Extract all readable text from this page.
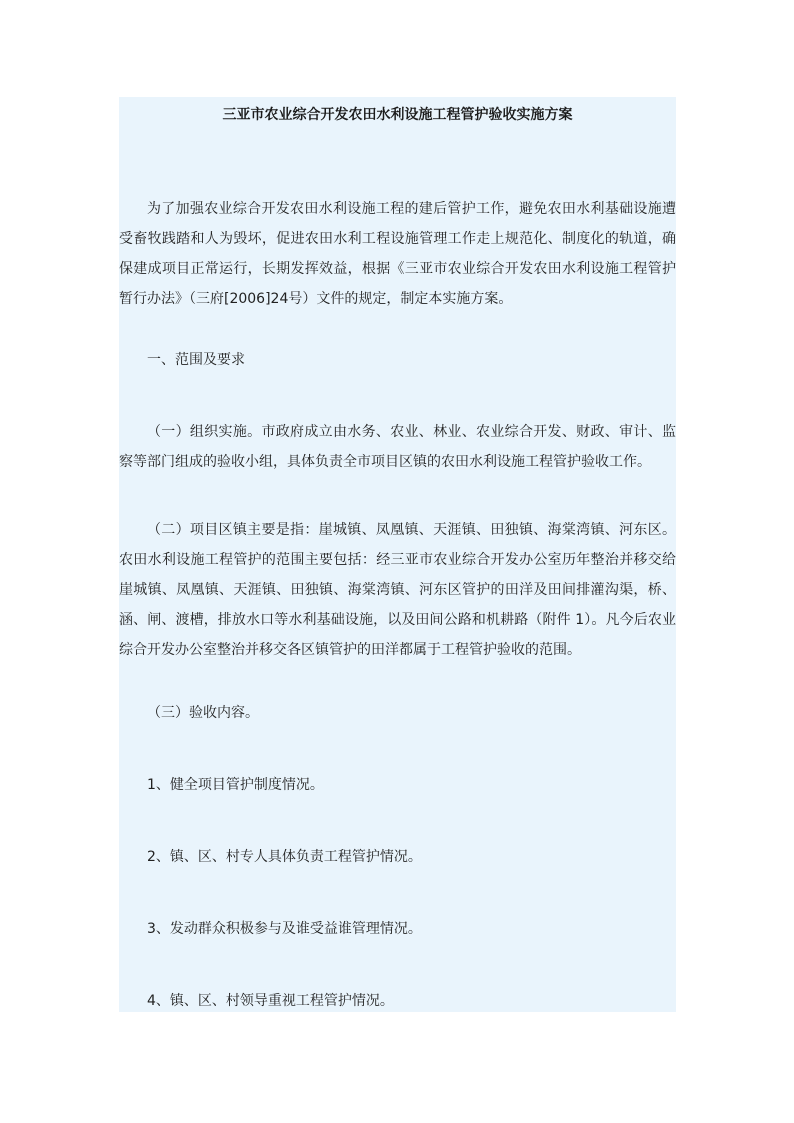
三亚市农业综合开发农田水利设施工程管护验收实施方案

为了加强农业综合开发农田水利设施工程的建后管护工作，避免农田水利基础设施遭受畜牧践踏和人为毁坏，促进农田水利工程设施管理工作走上规范化、制度化的轨道，确保建成项目正常运行，长期发挥效益，根据《三亚市农业综合开发农田水利设施工程管护暂行办法》（三府[2006]24号）文件的规定，制定本实施方案。

一、范围及要求

（一）组织实施。市政府成立由水务、农业、林业、农业综合开发、财政、审计、监察等部门组成的验收小组，具体负责全市项目区镇的农田水利设施工程管护验收工作。

（二）项目区镇主要是指：崖城镇、凤凰镇、天涯镇、田独镇、海棠湾镇、河东区。农田水利设施工程管护的范围主要包括：经三亚市农业综合开发办公室历年整治并移交给崖城镇、凤凰镇、天涯镇、田独镇、海棠湾镇、河东区管护的田洋及田间排灌沟渠，桥、涵、闸、渡槽，排放水口等水利基础设施，以及田间公路和机耕路（附件 1）。凡今后农业综合开发办公室整治并移交各区镇管护的田洋都属于工程管护验收的范围。

（三）验收内容。

1、健全项目管护制度情况。

2、镇、区、村专人具体负责工程管护情况。

3、发动群众积极参与及谁受益谁管理情况。

4、镇、区、村领导重视工程管护情况。
